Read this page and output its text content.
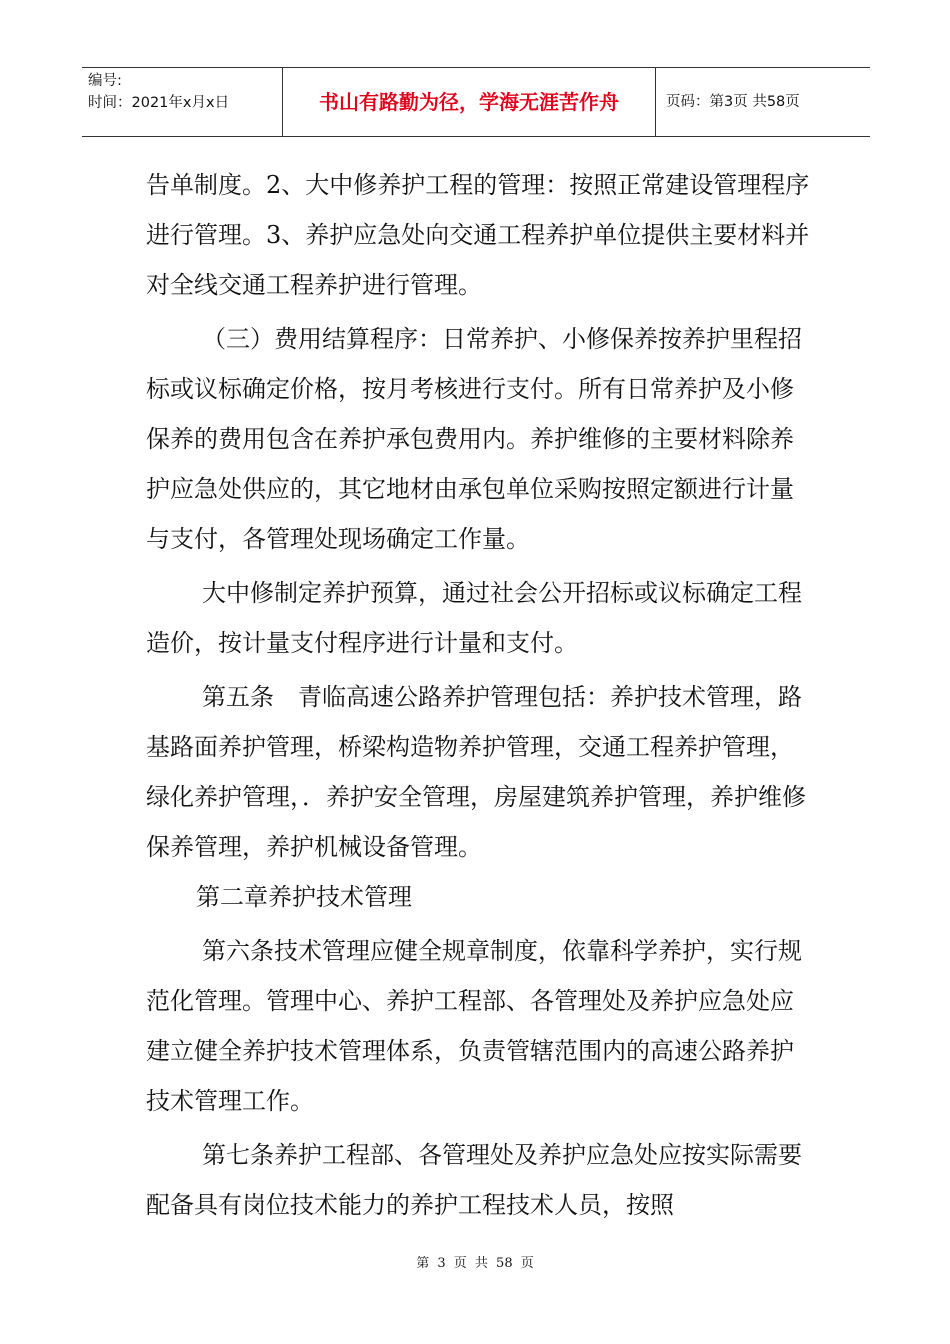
编号:
时间：2021年x月x日	书山有路勤为径，学海无涯苦作舟	页码：第3页 共58页

告单制度。2、大中修养护工程的管理：按照正常建设管理程序进行管理。3、养护应急处向交通工程养护单位提供主要材料并对全线交通工程养护进行管理。

（三）费用结算程序：日常养护、小修保养按养护里程招标或议标确定价格，按月考核进行支付。所有日常养护及小修保养的费用包含在养护承包费用内。养护维修的主要材料除养护应急处供应的，其它地材由承包单位采购按照定额进行计量与支付，各管理处现场确定工作量。

大中修制定养护预算，通过社会公开招标或议标确定工程造价，按计量支付程序进行计量和支付。

第五条　青临高速公路养护管理包括：养护技术管理，路基路面养护管理，桥梁构造物养护管理，交通工程养护管理，绿化养护管理，．养护安全管理，房屋建筑养护管理，养护维修保养管理，养护机械设备管理。

第二章养护技术管理

第六条技术管理应健全规章制度，依靠科学养护，实行规范化管理。管理中心、养护工程部、各管理处及养护应急处应建立健全养护技术管理体系，负责管辖范围内的高速公路养护技术管理工作。

第七条养护工程部、各管理处及养护应急处应按实际需要配备具有岗位技术能力的养护工程技术人员，按照

第 3 页 共 58 页
